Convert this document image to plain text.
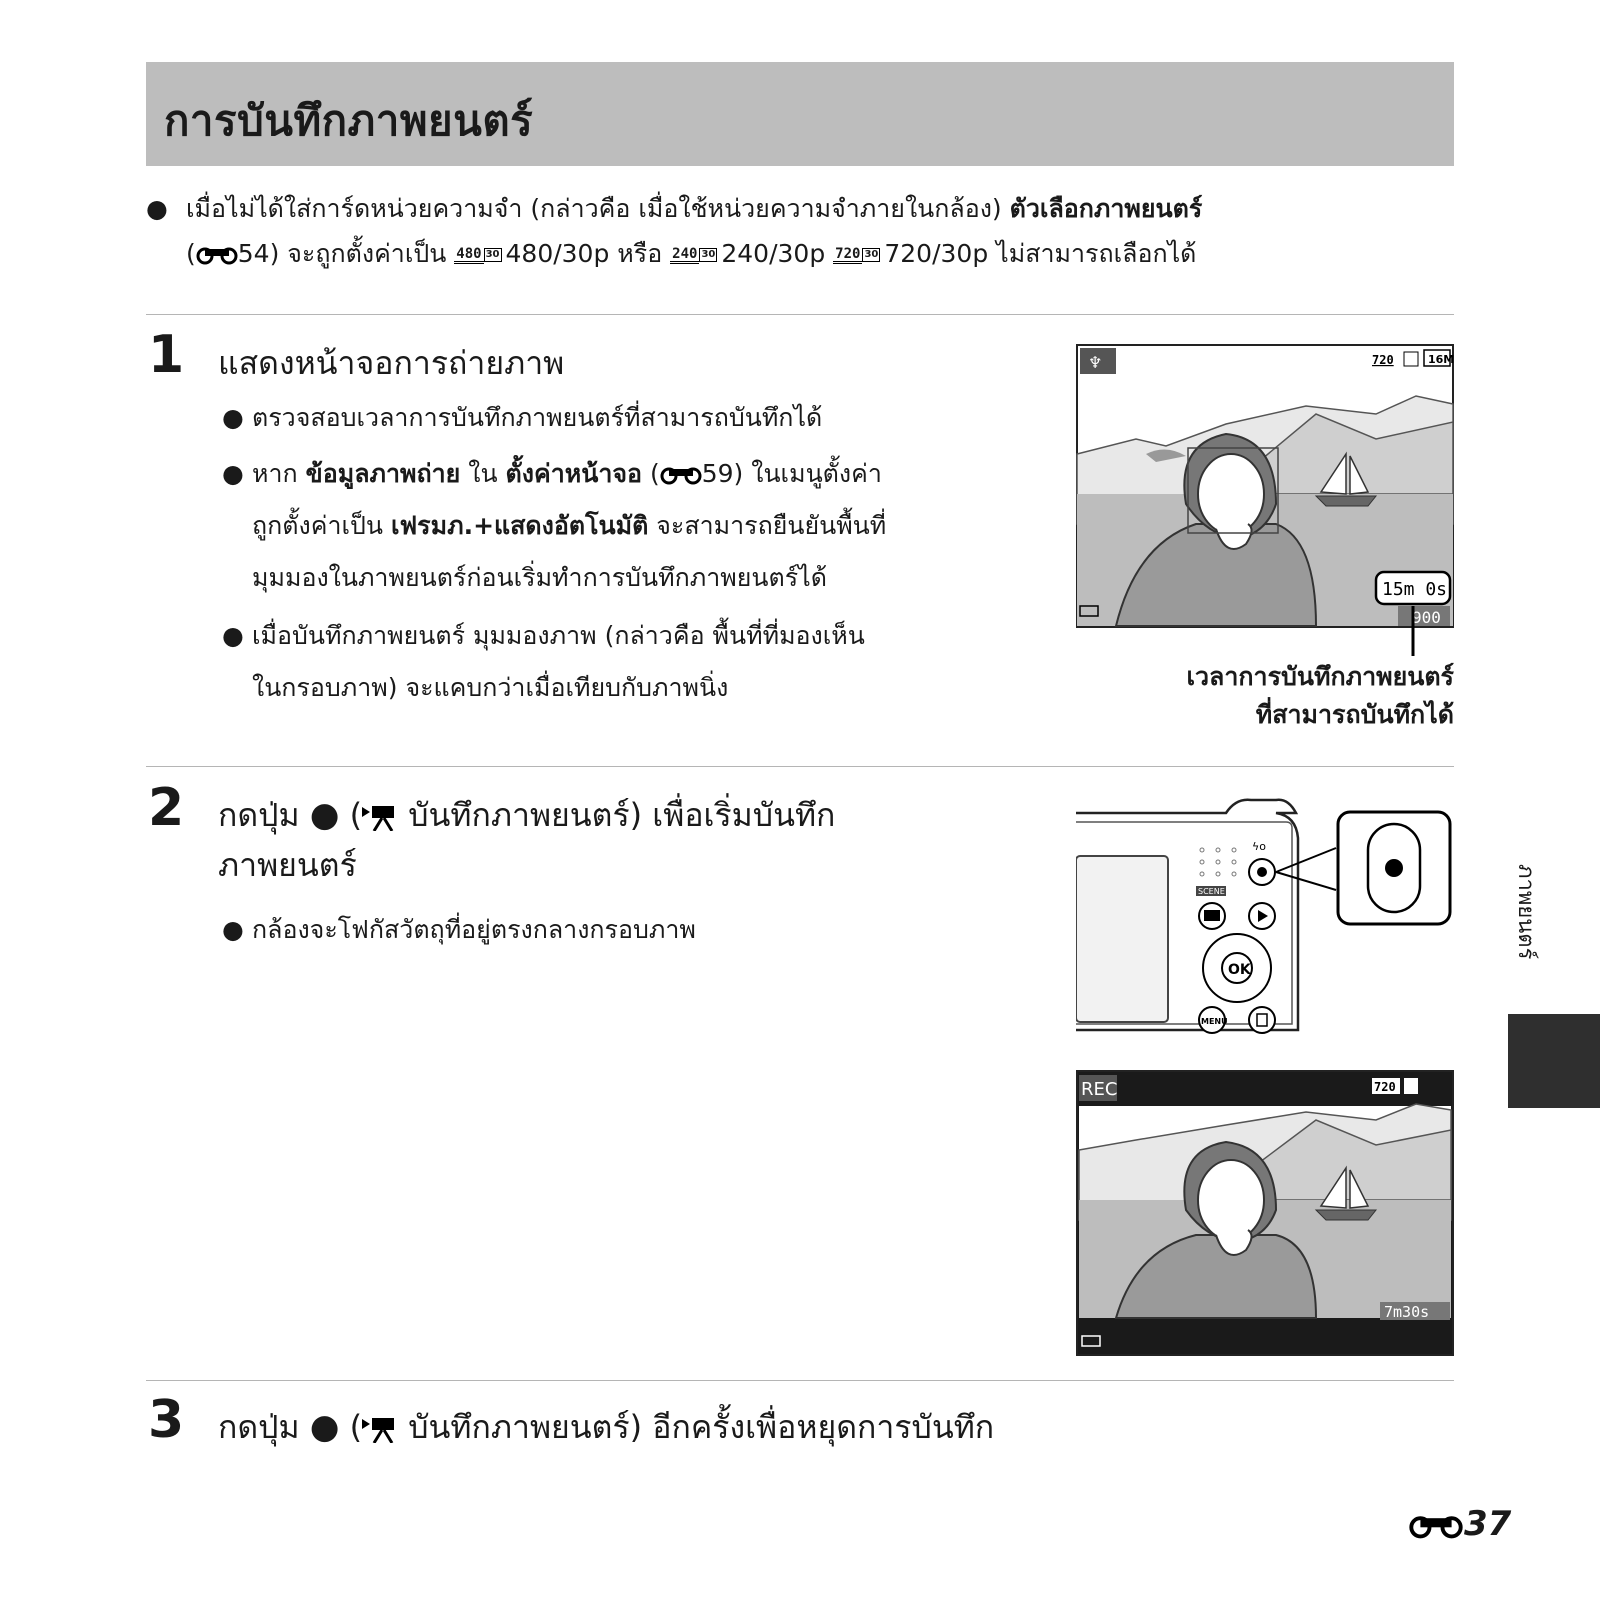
การบันทึกภาพยนตร์
● เมื่อไม่ได้ใส่การ์ดหน่วยความจำ (กล่าวคือ เมื่อใช้หน่วยความจำภายในกล้อง) ตัวเลือกภาพยนตร์
( 54) จะถูกตั้งค่าเป็น 480 30 480/30p หรือ 240 30 240/30p 720 30 720/30p ไม่สามารถเลือกได้
1 แสดงหน้าจอการถ่ายภาพ
● ตรวจสอบเวลาการบันทึกภาพยนตร์ที่สามารถบันทึกได้
● หาก ข้อมูลภาพถ่าย ใน ตั้งค่าหน้าจอ ( 59) ในเมนูตั้งค่า
ถูกตั้งค่าเป็น เฟรมภ.+แสดงอัตโนมัติ จะสามารถยืนยันพื้นที่
มุมมองในภาพยนตร์ก่อนเริ่มทำการบันทึกภาพยนตร์ได้
● เมื่อบันทึกภาพยนตร์ มุมมองภาพ (กล่าวคือ พื้นที่ที่มองเห็น
ในกรอบภาพ) จะแคบกว่าเมื่อเทียบกับภาพนิ่ง
♆	720	16M
15m 0s
900
เวลาการบันทึกภาพยนตร์
ที่สามารถบันทึกได้
2 กดปุ่ม ● ( บันทึกภาพยนตร์) เพื่อเริ่มบันทึก
ภาพยนตร์
● กล้องจะโฟกัสวัตถุที่อยู่ตรงกลางกรอบภาพ
ϟo
SCENE
OK
MENU
REC	720
7m30s
3 กดปุ่ม ● ( บันทึกภาพยนตร์) อีกครั้งเพื่อหยุดการบันทึก
ภาพยนตร์
37
